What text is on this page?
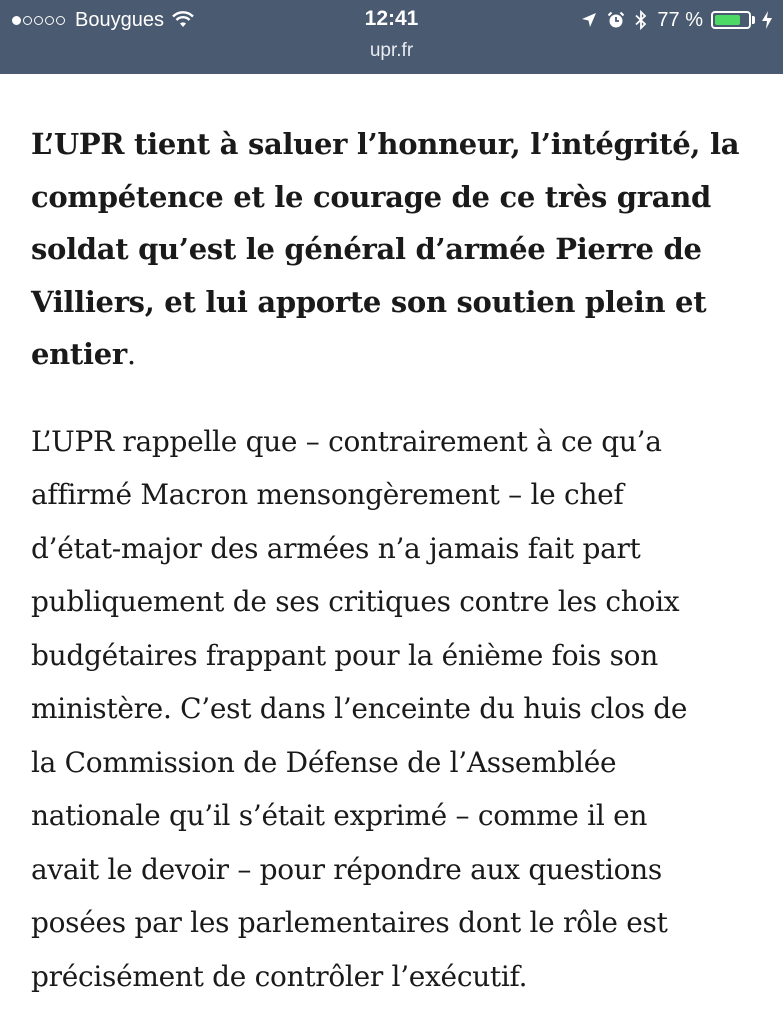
Bouygues	12:41	77 %
upr.fr

L’UPR tient à saluer l’honneur, l’intégrité, la
compétence et le courage de ce très grand
soldat qu’est le général d’armée Pierre de
Villiers, et lui apporte son soutien plein et
entier.

L’UPR rappelle que – contrairement à ce qu’a
affirmé Macron mensongèrement – le chef
d’état-major des armées n’a jamais fait part
publiquement de ses critiques contre les choix
budgétaires frappant pour la énième fois son
ministère. C’est dans l’enceinte du huis clos de
la Commission de Défense de l’Assemblée
nationale qu’il s’était exprimé – comme il en
avait le devoir – pour répondre aux questions
posées par les parlementaires dont le rôle est
précisément de contrôler l’exécutif.
